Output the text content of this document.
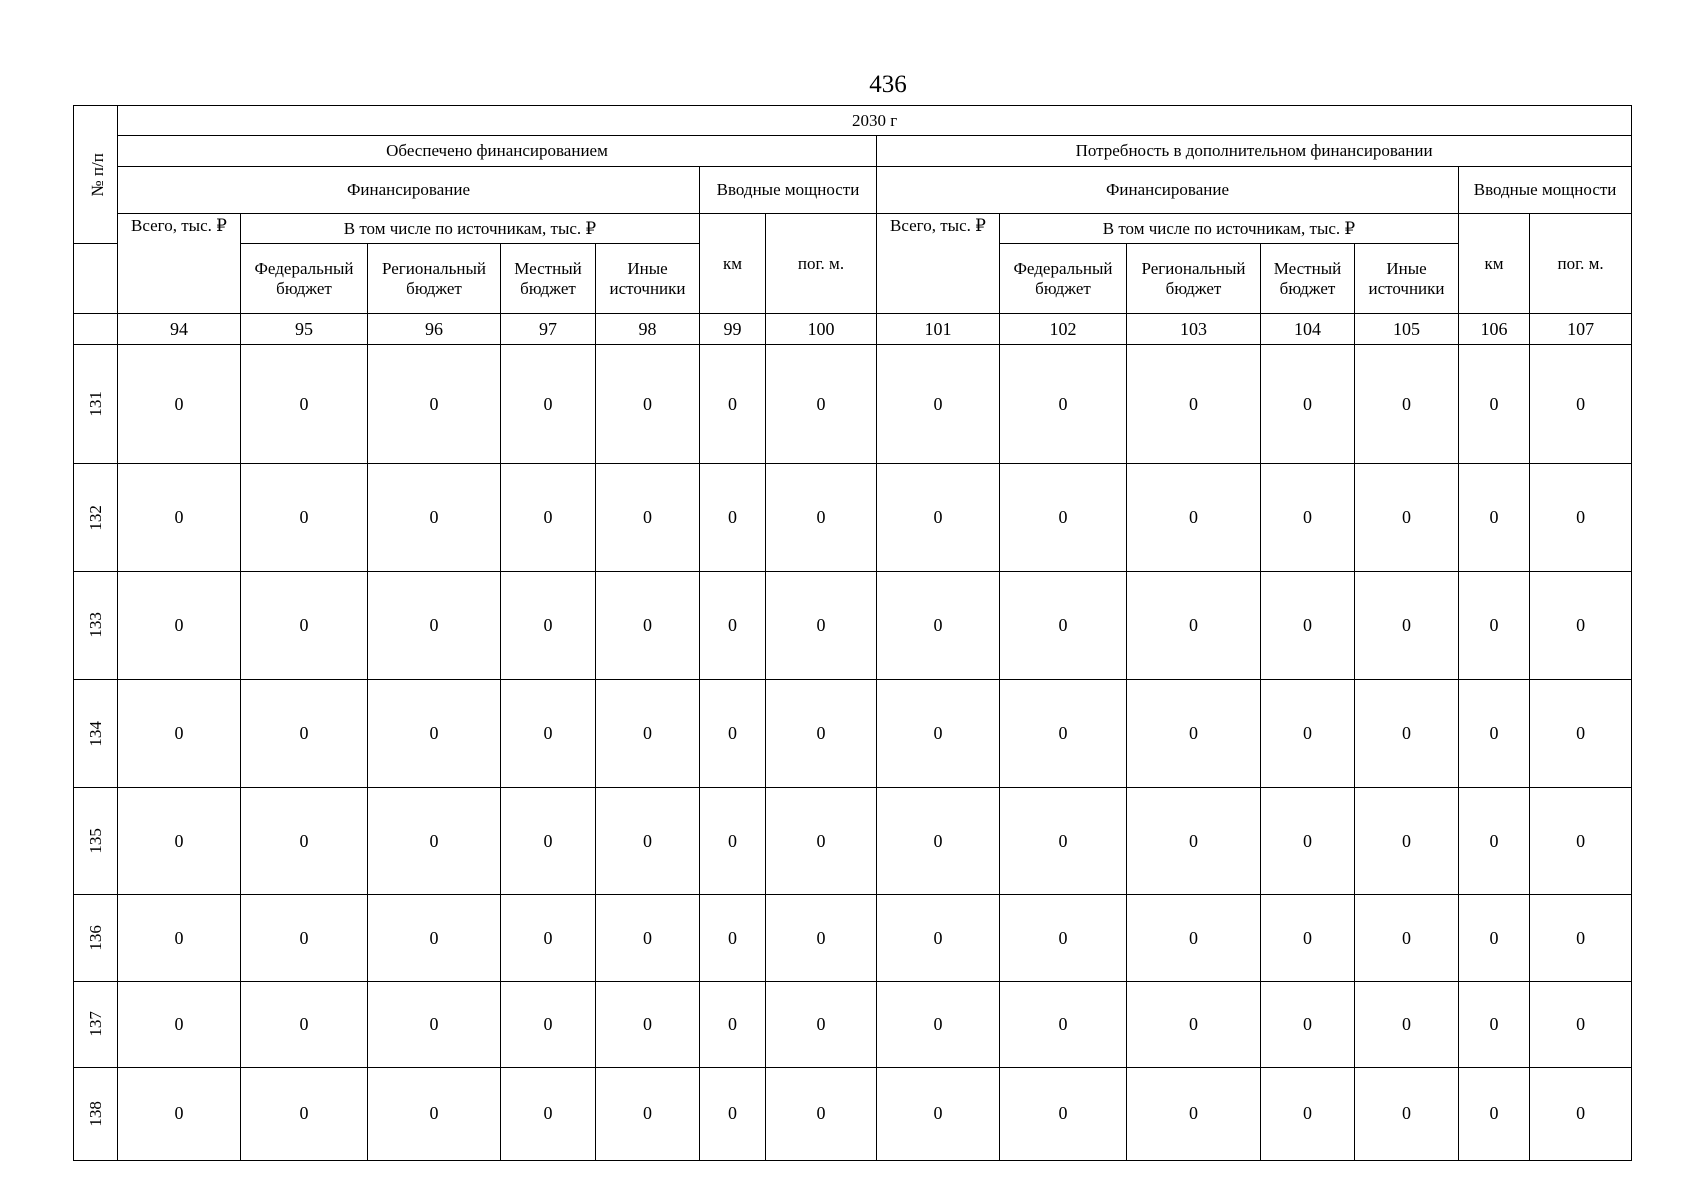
436
№ п/п	2030 г													
	Обеспечено финансированием							Потребность в дополнительном финансировании						
	Финансирование					Вводные мощности		Финансирование					Вводные мощности	
	Всего, тыс. ₽	В том числе по источникам, тыс. ₽				км	пог. м.	Всего, тыс. ₽	В том числе по источникам, тыс. ₽				км	пог. м.
		Федеральный бюджет	Региональный бюджет	Местный бюджет	Иные источники				Федеральный бюджет	Региональный бюджет	Местный бюджет	Иные источники		
	94	95	96	97	98	99	100	101	102	103	104	105	106	107
131	0	0	0	0	0	0	0	0	0	0	0	0	0	0
132	0	0	0	0	0	0	0	0	0	0	0	0	0	0
133	0	0	0	0	0	0	0	0	0	0	0	0	0	0
134	0	0	0	0	0	0	0	0	0	0	0	0	0	0
135	0	0	0	0	0	0	0	0	0	0	0	0	0	0
136	0	0	0	0	0	0	0	0	0	0	0	0	0	0
137	0	0	0	0	0	0	0	0	0	0	0	0	0	0
138	0	0	0	0	0	0	0	0	0	0	0	0	0	0
